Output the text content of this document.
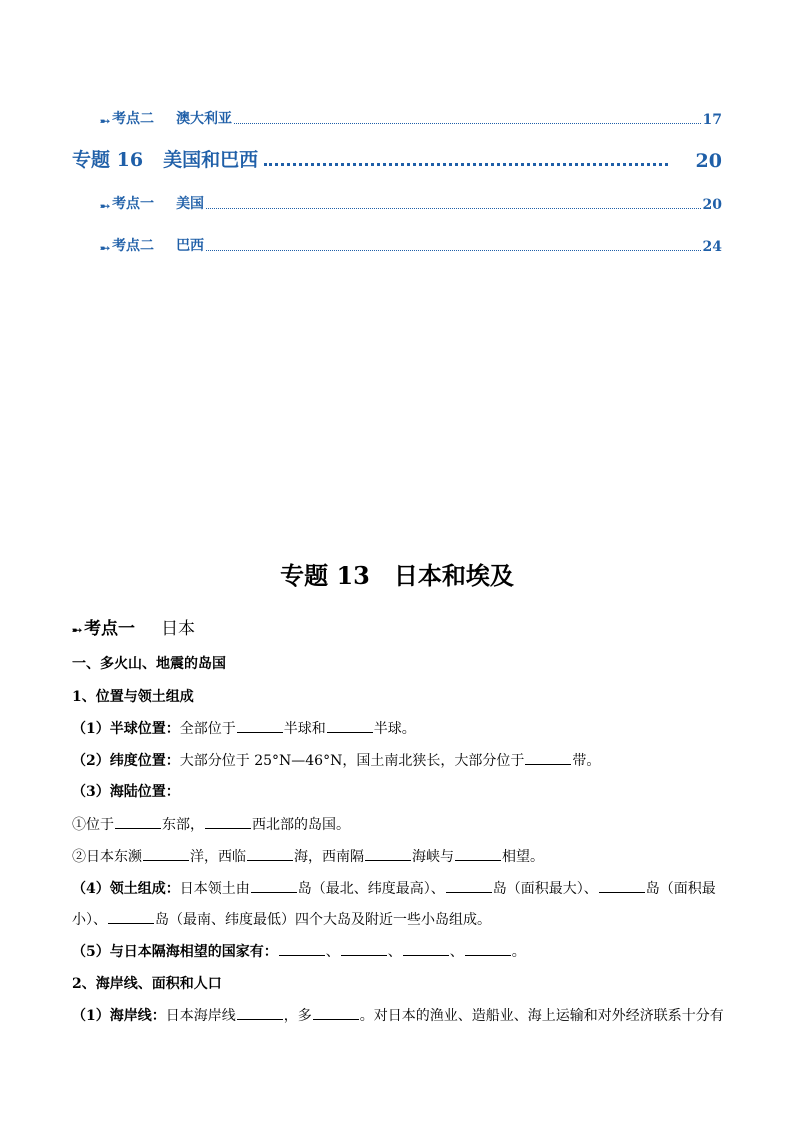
➸ 考点二 澳大利亚	17
专题 16 美国和巴西	20
➸ 考点一 美国	20
➸ 考点二 巴西	24
专题 13　日本和埃及
➸ 考点一 日本
一、多火山、地震的岛国
1、位置与领土组成
（1）半球位置：全部位于	半球和	半球。
（2）纬度位置：大部分位于 25°N—46°N，国土南北狭长，大部分位于	带。
（3）海陆位置：
①位于	东部，	西北部的岛国。
②日本东濒	洋，西临	海，西南隔	海峡与	相望。
（4）领土组成：日本领土由	岛（最北、纬度最高）、	岛（面积最大）、	岛（面积最
小）、	岛（最南、纬度最低）四个大岛及附近一些小岛组成。
（5）与日本隔海相望的国家有：	、	、	、	。
2、海岸线、面积和人口
（1）海岸线：日本海岸线	，多	。对日本的渔业、造船业、海上运输和对外经济联系十分有
